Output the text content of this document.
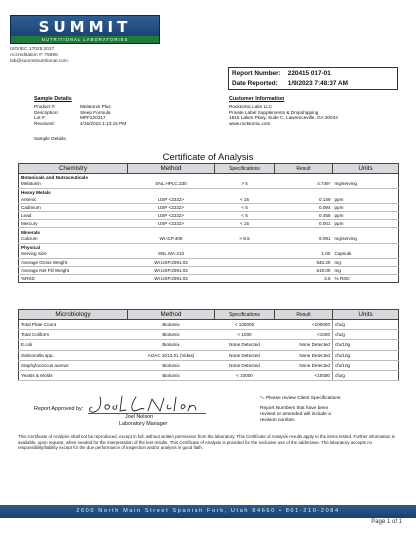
SUMMIT
NUTRITIONAL LABORATORIES
ISO/IEC 17025:2017
Accreditation #: 75696
lab@summitnutritional.com
Report Number: 220415 017-01
Date Reported: 1/9/2023 7:48:37 AM
Sample Details
Product #:	Melatonin Plus
Description:	Sleep Formula
Lot #:	MPF220317
Received:	4/15/2022 1:13:15 PM
Sample Details:
Customer Information
Rocktomic Labs LLC
Private Label Supplements & Dropshipping
1815 Lakes Pkwy, Suite C, Lawrenceville, GA 30043
www.rocktomic.com
Certificate of Analysis
Chemistry	Method	Specifications	Result	Units
Botanicals and Nutraceuticals				
Melatonin	SNL.HPLC.330	> 5	4.746*	mg/serving
Heavy Metals				
Arsenic	USP <2232>	< 15	0.149	ppm
Cadmium	USP <2232>	< 5	0.094	ppm
Lead	USP <2232>	< 5	0.458	ppm
Mercury	USP <2232>	< 15	0.001	ppm
Minerals				
Calcium	WI.ICP.409	> 8.5	9.091	mg/serving
Physical				
Serving Size	SNL.MA.210		1.00	Capsule
Average Gross Weight	WI.USP.2091.02		646.20	mg
Average Net Fill Weight	WI.USP.2091.02		519.00	mg
%RSD	WI.USP.2091.02		3.5	% RSD
Microbiology	Method	Specifications	Result	Units
Total Plate Count	Biolumix	< 100000	<100000	cfu/g
Total Coliform	Biolumix	< 1000	<1000	cfu/g
E.coli	Biolumix	None Detected	None Detected	cfu/10g
Salmonella spp.	AOAC 2013.01 (Vidas)	None Detected	None Detected	cfu/10g
Staphylococcus aureus	Biolumix	None Detected	None Detected	cfu/10g
Yeasts & Molds	Biolumix	< 10000	<10000	cfu/g
Report Approved by:
Joel Nelson
Laboratory Manager
*= Please review Client Specifications
Report Numbers that have been
revised or amended will include a
revision number.
This Certificate of Analysis shall not be reproduced, except in full, without written permission from the laboratory. This Certificate of Analysis results apply to the items tested. Further information is available, upon request, when needed for the interpretation of the test results. This Certificate of Analysis is provided for the exclusive use of the addressee. The laboratory accepts no responsibility/liability except for the due performance of inspection and/or analysis in good faith.
2600 North Main Street Spanish Fork, Utah 84660 • 801-210-2084
Page 1 of 1
